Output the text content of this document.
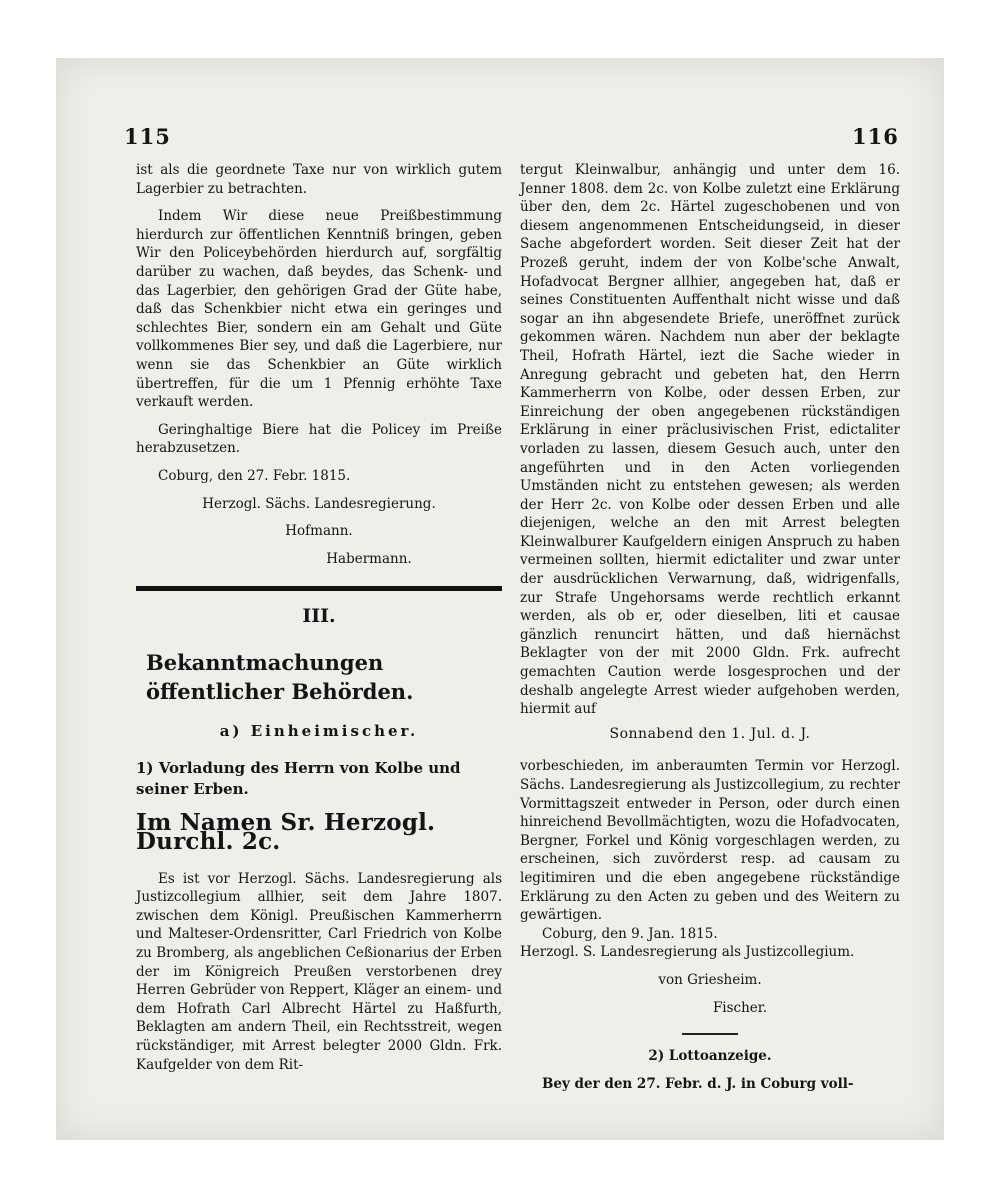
115	116

ist als die geordnete Taxe nur von wirklich gutem Lagerbier zu betrachten.

Indem Wir diese neue Preißbestimmung hierdurch zur öffentlichen Kenntniß bringen, geben Wir den Policeybehörden hierdurch auf, sorgfältig darüber zu wachen, daß beydes, das Schenk- und das Lagerbier, den gehörigen Grad der Güte habe, daß das Schenkbier nicht etwa ein geringes und schlechtes Bier, sondern ein am Gehalt und Güte vollkommenes Bier sey, und daß die Lagerbiere, nur wenn sie das Schenkbier an Güte wirklich übertreffen, für die um 1 Pfennig erhöhte Taxe verkauft werden.

Geringhaltige Biere hat die Policey im Preiße herabzusetzen.

Coburg, den 27. Febr. 1815.

Herzogl. Sächs. Landesregierung.

Hofmann.

Habermann.

III.

Bekanntmachungen öffentlicher Behörden.

a) Einheimischer.

1) Vorladung des Herrn von Kolbe und seiner Erben.

Im Namen Sr. Herzogl. Durchl. 2c.

Es ist vor Herzogl. Sächs. Landesregierung als Justizcollegium allhier, seit dem Jahre 1807. zwischen dem Königl. Preußischen Kammerherrn und Malteser-Ordensritter, Carl Friedrich von Kolbe zu Bromberg, als angeblichen Ceßionarius der Erben der im Königreich Preußen verstorbenen drey Herren Gebrüder von Reppert, Kläger an einem- und dem Hofrath Carl Albrecht Härtel zu Haßfurth, Beklagten am andern Theil, ein Rechtsstreit, wegen rückständiger, mit Arrest belegter 2000 Gldn. Frk. Kaufgelder von dem Rit-

tergut Kleinwalbur, anhängig und unter dem 16. Jenner 1808. dem 2c. von Kolbe zuletzt eine Erklärung über den, dem 2c. Härtel zugeschobenen und von diesem angenommenen Entscheidungseid, in dieser Sache abgefordert worden. Seit dieser Zeit hat der Prozeß geruht, indem der von Kolbe'sche Anwalt, Hofadvocat Bergner allhier, angegeben hat, daß er seines Constituenten Auffenthalt nicht wisse und daß sogar an ihn abgesendete Briefe, uneröffnet zurück gekommen wären. Nachdem nun aber der beklagte Theil, Hofrath Härtel, iezt die Sache wieder in Anregung gebracht und gebeten hat, den Herrn Kammerherrn von Kolbe, oder dessen Erben, zur Einreichung der oben angegebenen rückständigen Erklärung in einer präclusivischen Frist, edictaliter vorladen zu lassen, diesem Gesuch auch, unter den angeführten und in den Acten vorliegenden Umständen nicht zu entstehen gewesen; als werden der Herr 2c. von Kolbe oder dessen Erben und alle diejenigen, welche an den mit Arrest belegten Kleinwalburer Kaufgeldern einigen Anspruch zu haben vermeinen sollten, hiermit edictaliter und zwar unter der ausdrücklichen Verwarnung, daß, widrigenfalls, zur Strafe Ungehorsams werde rechtlich erkannt werden, als ob er, oder dieselben, liti et causae gänzlich renuncirt hätten, und daß hiernächst Beklagter von der mit 2000 Gldn. Frk. aufrecht gemachten Caution werde losgesprochen und der deshalb angelegte Arrest wieder aufgehoben werden, hiermit auf

Sonnabend den 1. Jul. d. J.

vorbeschieden, im anberaumten Termin vor Herzogl. Sächs. Landesregierung als Justizcollegium, zu rechter Vormittagszeit entweder in Person, oder durch einen hinreichend Bevollmächtigten, wozu die Hofadvocaten, Bergner, Forkel und König vorgeschlagen werden, zu erscheinen, sich zuvörderst resp. ad causam zu legitimiren und die eben angegebene rückständige Erklärung zu den Acten zu geben und des Weitern zu gewärtigen.

Coburg, den 9. Jan. 1815.

Herzogl. S. Landesregierung als Justizcollegium.

von Griesheim.

Fischer.

2) Lottoanzeige.

Bey der den 27. Febr. d. J. in Coburg voll-
